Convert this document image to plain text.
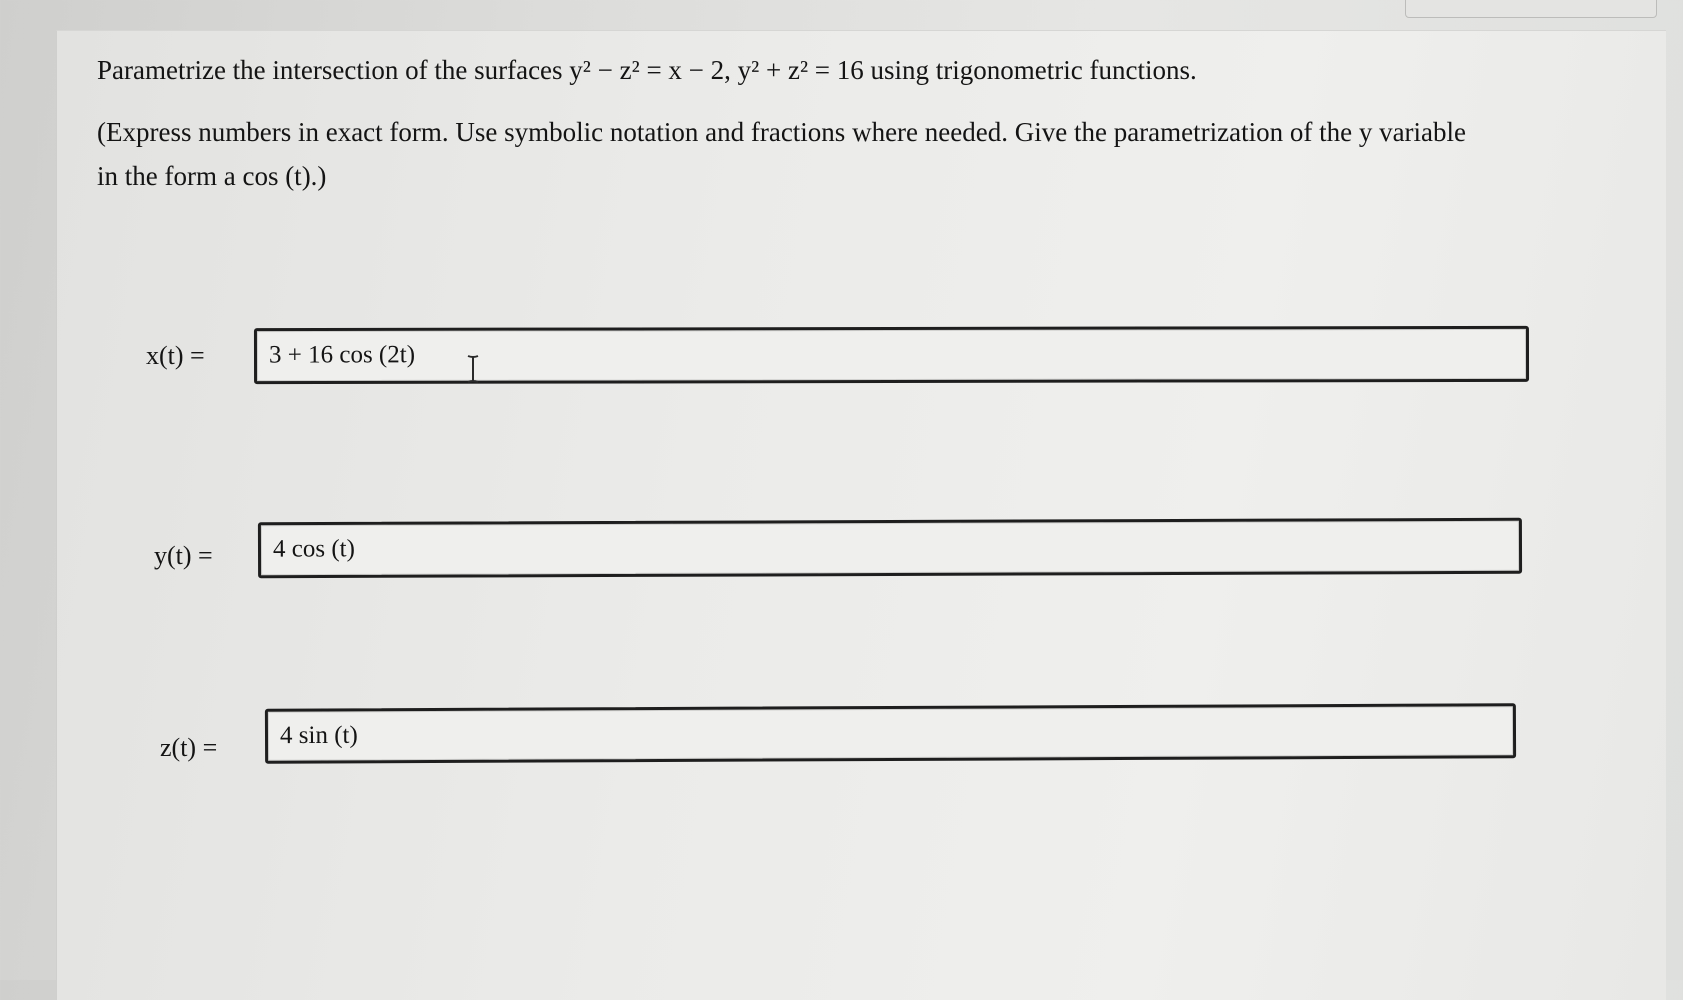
Parametrize the intersection of the surfaces y² − z² = x − 2, y² + z² = 16 using trigonometric functions.
(Express numbers in exact form. Use symbolic notation and fractions where needed. Give the parametrization of the y variable
in the form a cos (t).)
x(t) =	3 + 16 cos (2t)
y(t) = 4 cos (t)
z(t) =	4 sin (t)
